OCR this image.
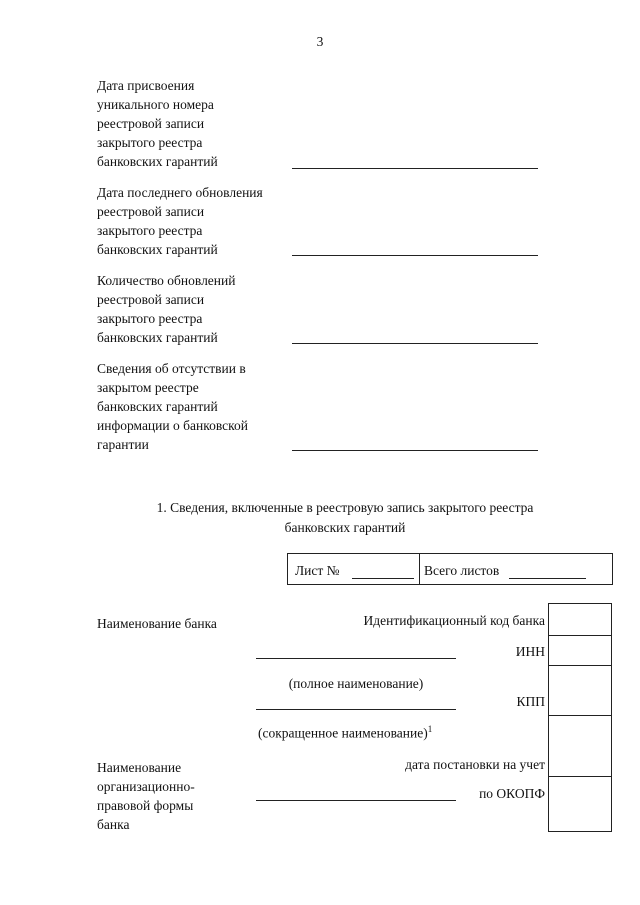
3
Дата присвоения
уникального номера
реестровой записи
закрытого реестра
банковских гарантий
Дата последнего обновления
реестровой записи
закрытого реестра
банковских гарантий
Количество обновлений
реестровой записи
закрытого реестра
банковских гарантий
Сведения об отсутствии в
закрытом реестре
банковских гарантий
информации о банковской
гарантии
1. Сведения, включенные в реестровую запись закрытого реестра
банковских гарантий
Лист №	Всего листов
Наименование банка	Идентификационный код банка
ИНН
КПП
дата постановки на учет
по ОКОПФ
(полное наименование)
(сокращенное наименование)$^1$
Наименование
организационно-
правовой формы
банка
